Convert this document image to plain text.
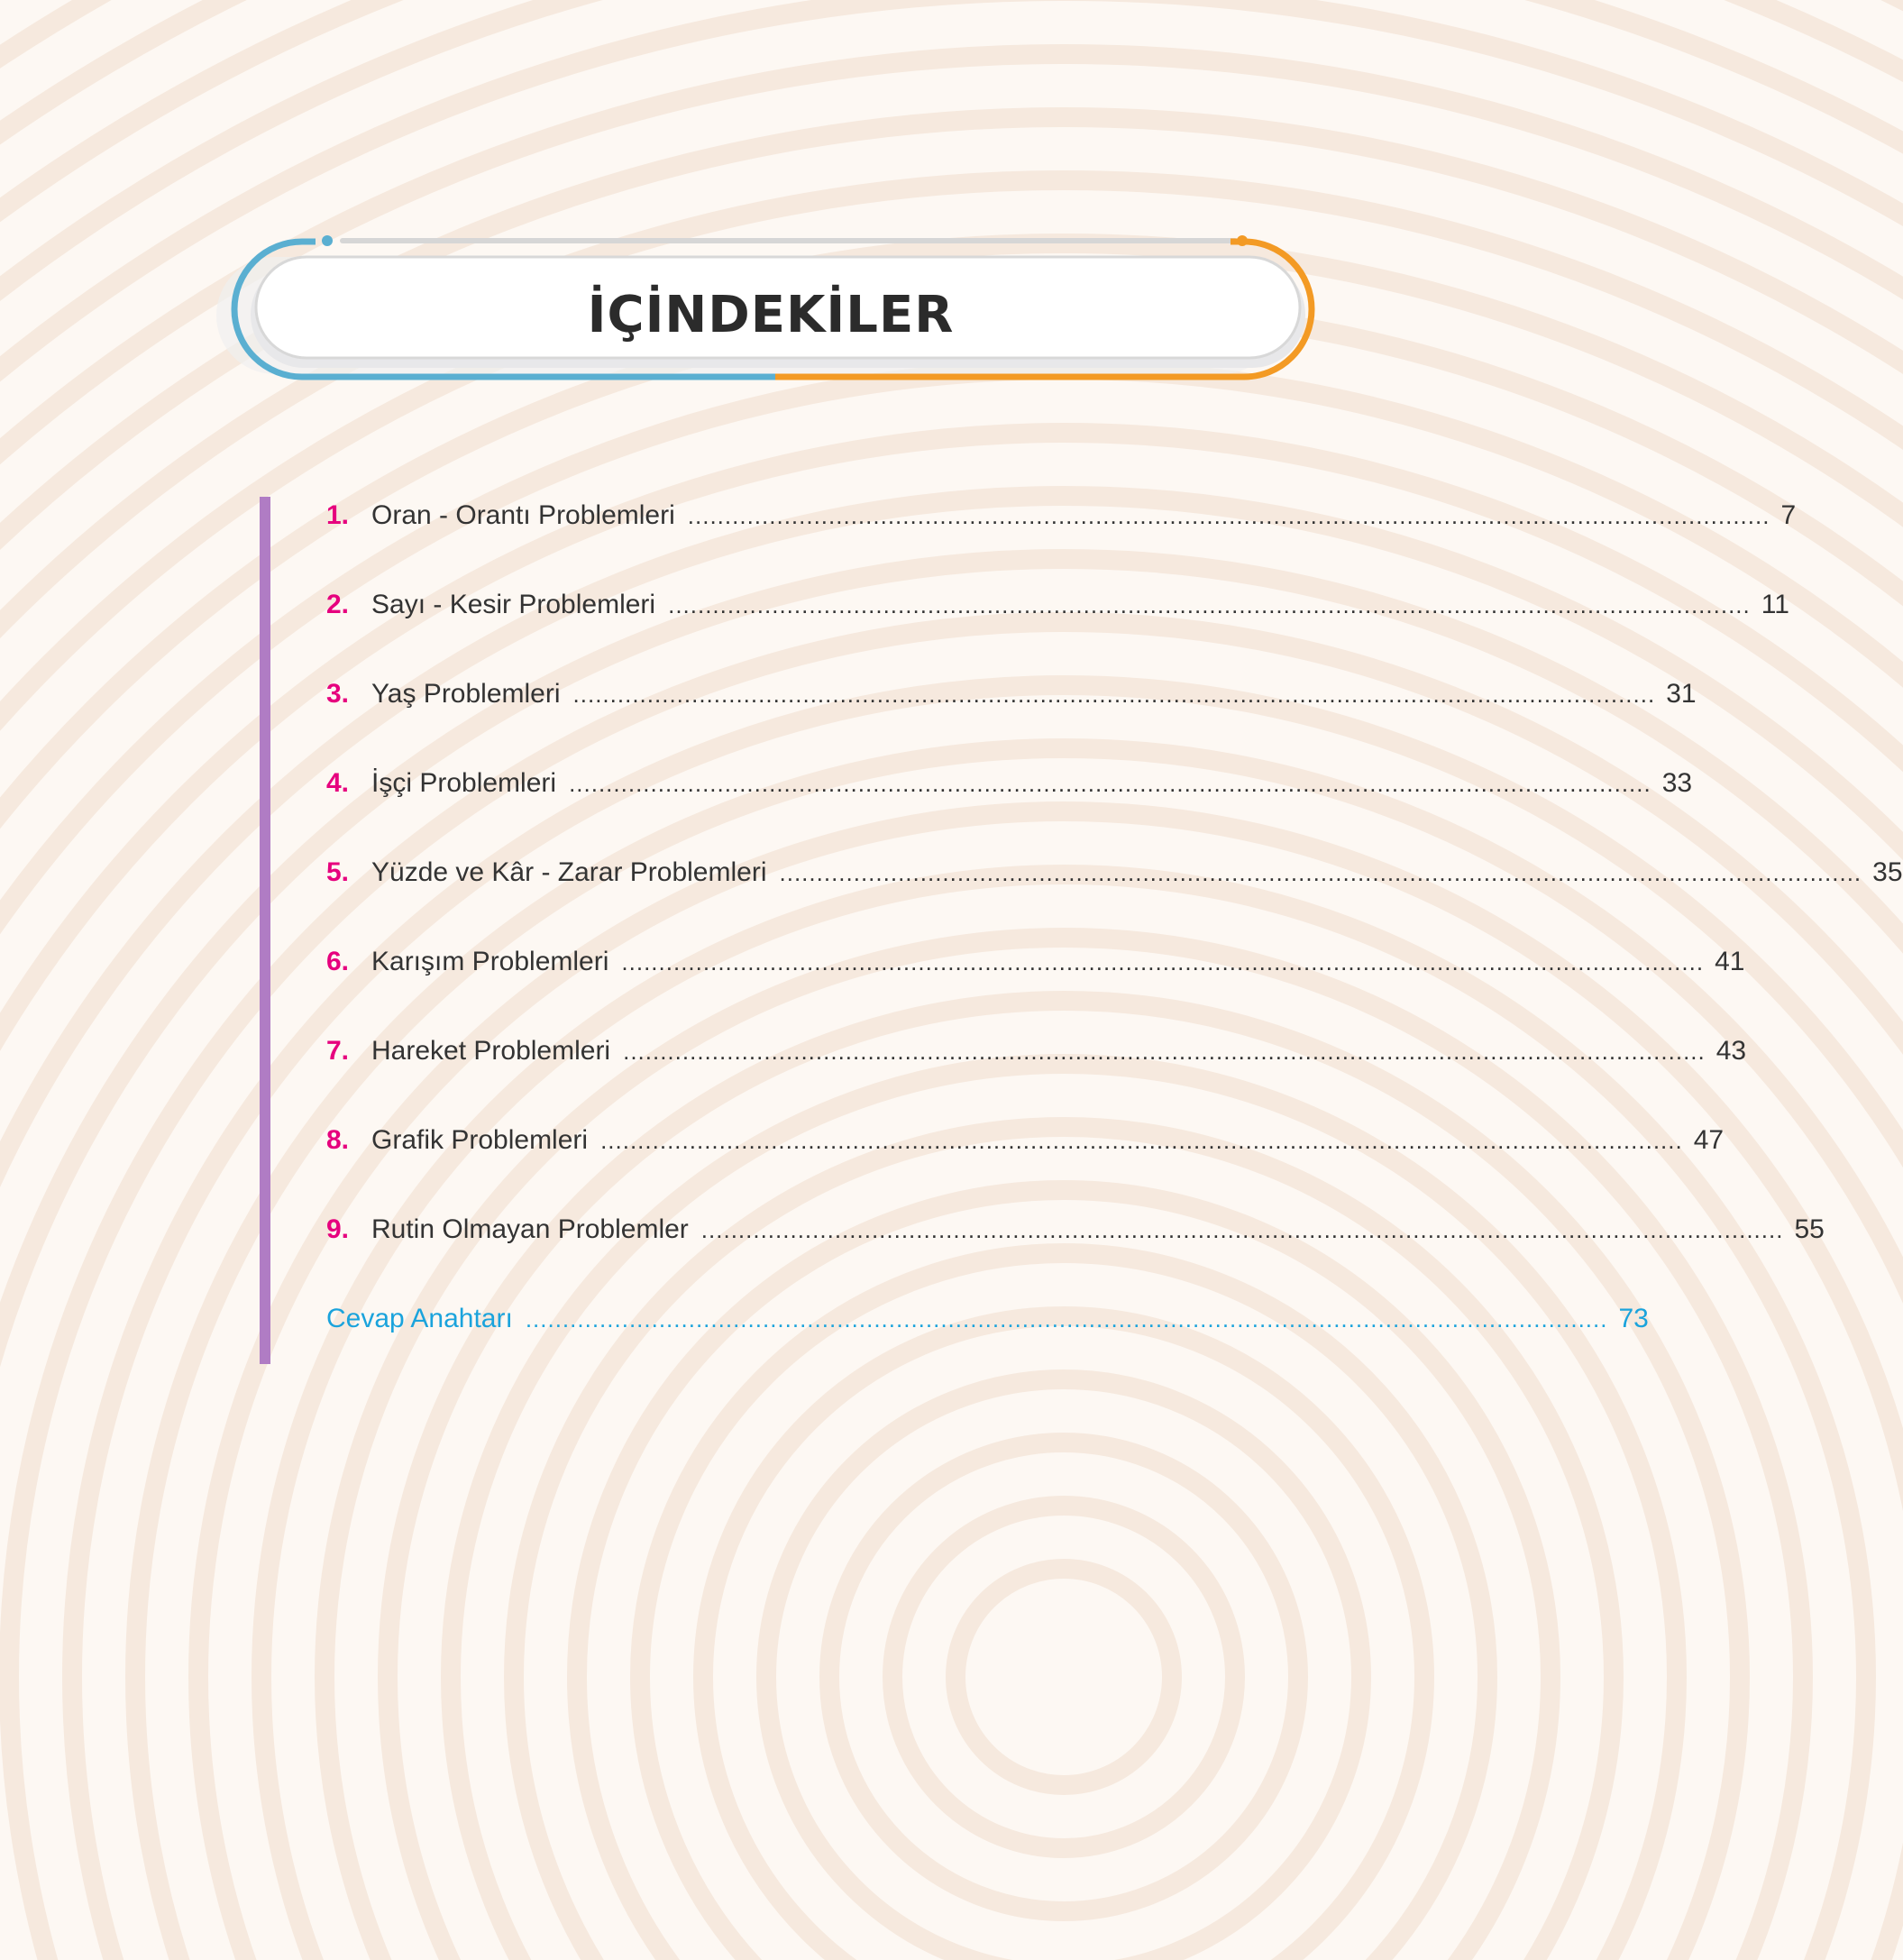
İÇİNDEKİLER
1. Oran - Orantı Problemleri .................................................................................................................................................. 7
2. Sayı - Kesir Problemleri .................................................................................................................................................. 11
3. Yaş Problemleri .................................................................................................................................................. 31
4. İşçi Problemleri .................................................................................................................................................. 33
5. Yüzde ve Kâr - Zarar Problemleri .................................................................................................................................................. 35
6. Karışım Problemleri .................................................................................................................................................. 41
7. Hareket Problemleri .................................................................................................................................................. 43
8. Grafik Problemleri .................................................................................................................................................. 47
9. Rutin Olmayan Problemler .................................................................................................................................................. 55
Cevap Anahtarı .................................................................................................................................................. 73
